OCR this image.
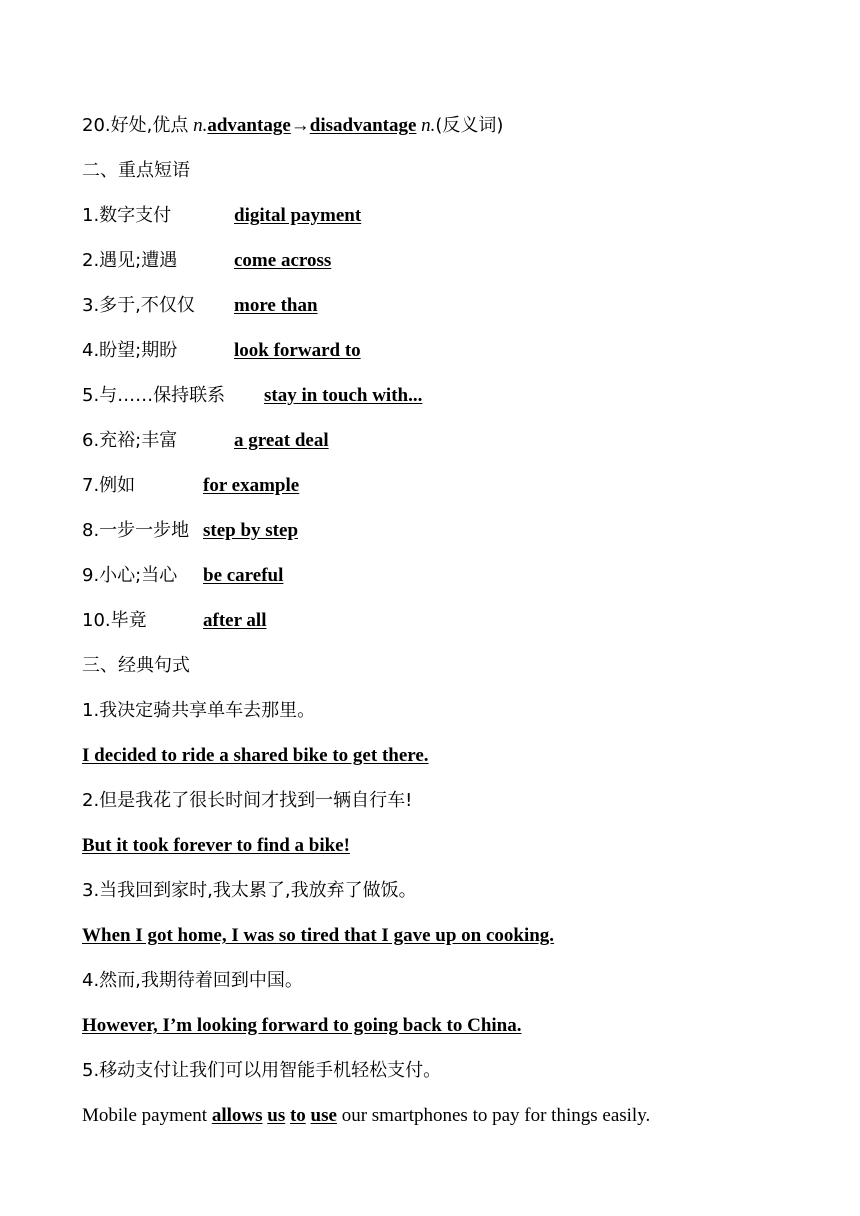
20.好处,优点 n.advantage→disadvantage n.(反义词)
二、重点短语
1.数字支付	digital payment
2.遇见;遭遇	come across
3.多于,不仅仅 more than
4.盼望;期盼	look forward to
5.与……保持联系 stay in touch with...
6.充裕;丰富	a great deal
7.例如	for example
8.一步一步地 step by step
9.小心;当心 be careful
10.毕竟	after all
三、经典句式
1.我决定骑共享单车去那里。
I decided to ride a shared bike to get there.
2.但是我花了很长时间才找到一辆自行车!
But it took forever to find a bike!
3.当我回到家时,我太累了,我放弃了做饭。
When I got home, I was so tired that I gave up on cooking.
4.然而,我期待着回到中国。
However, I’m looking forward to going back to China.
5.移动支付让我们可以用智能手机轻松支付。
Mobile payment allows us to use our smartphones to pay for things easily.
